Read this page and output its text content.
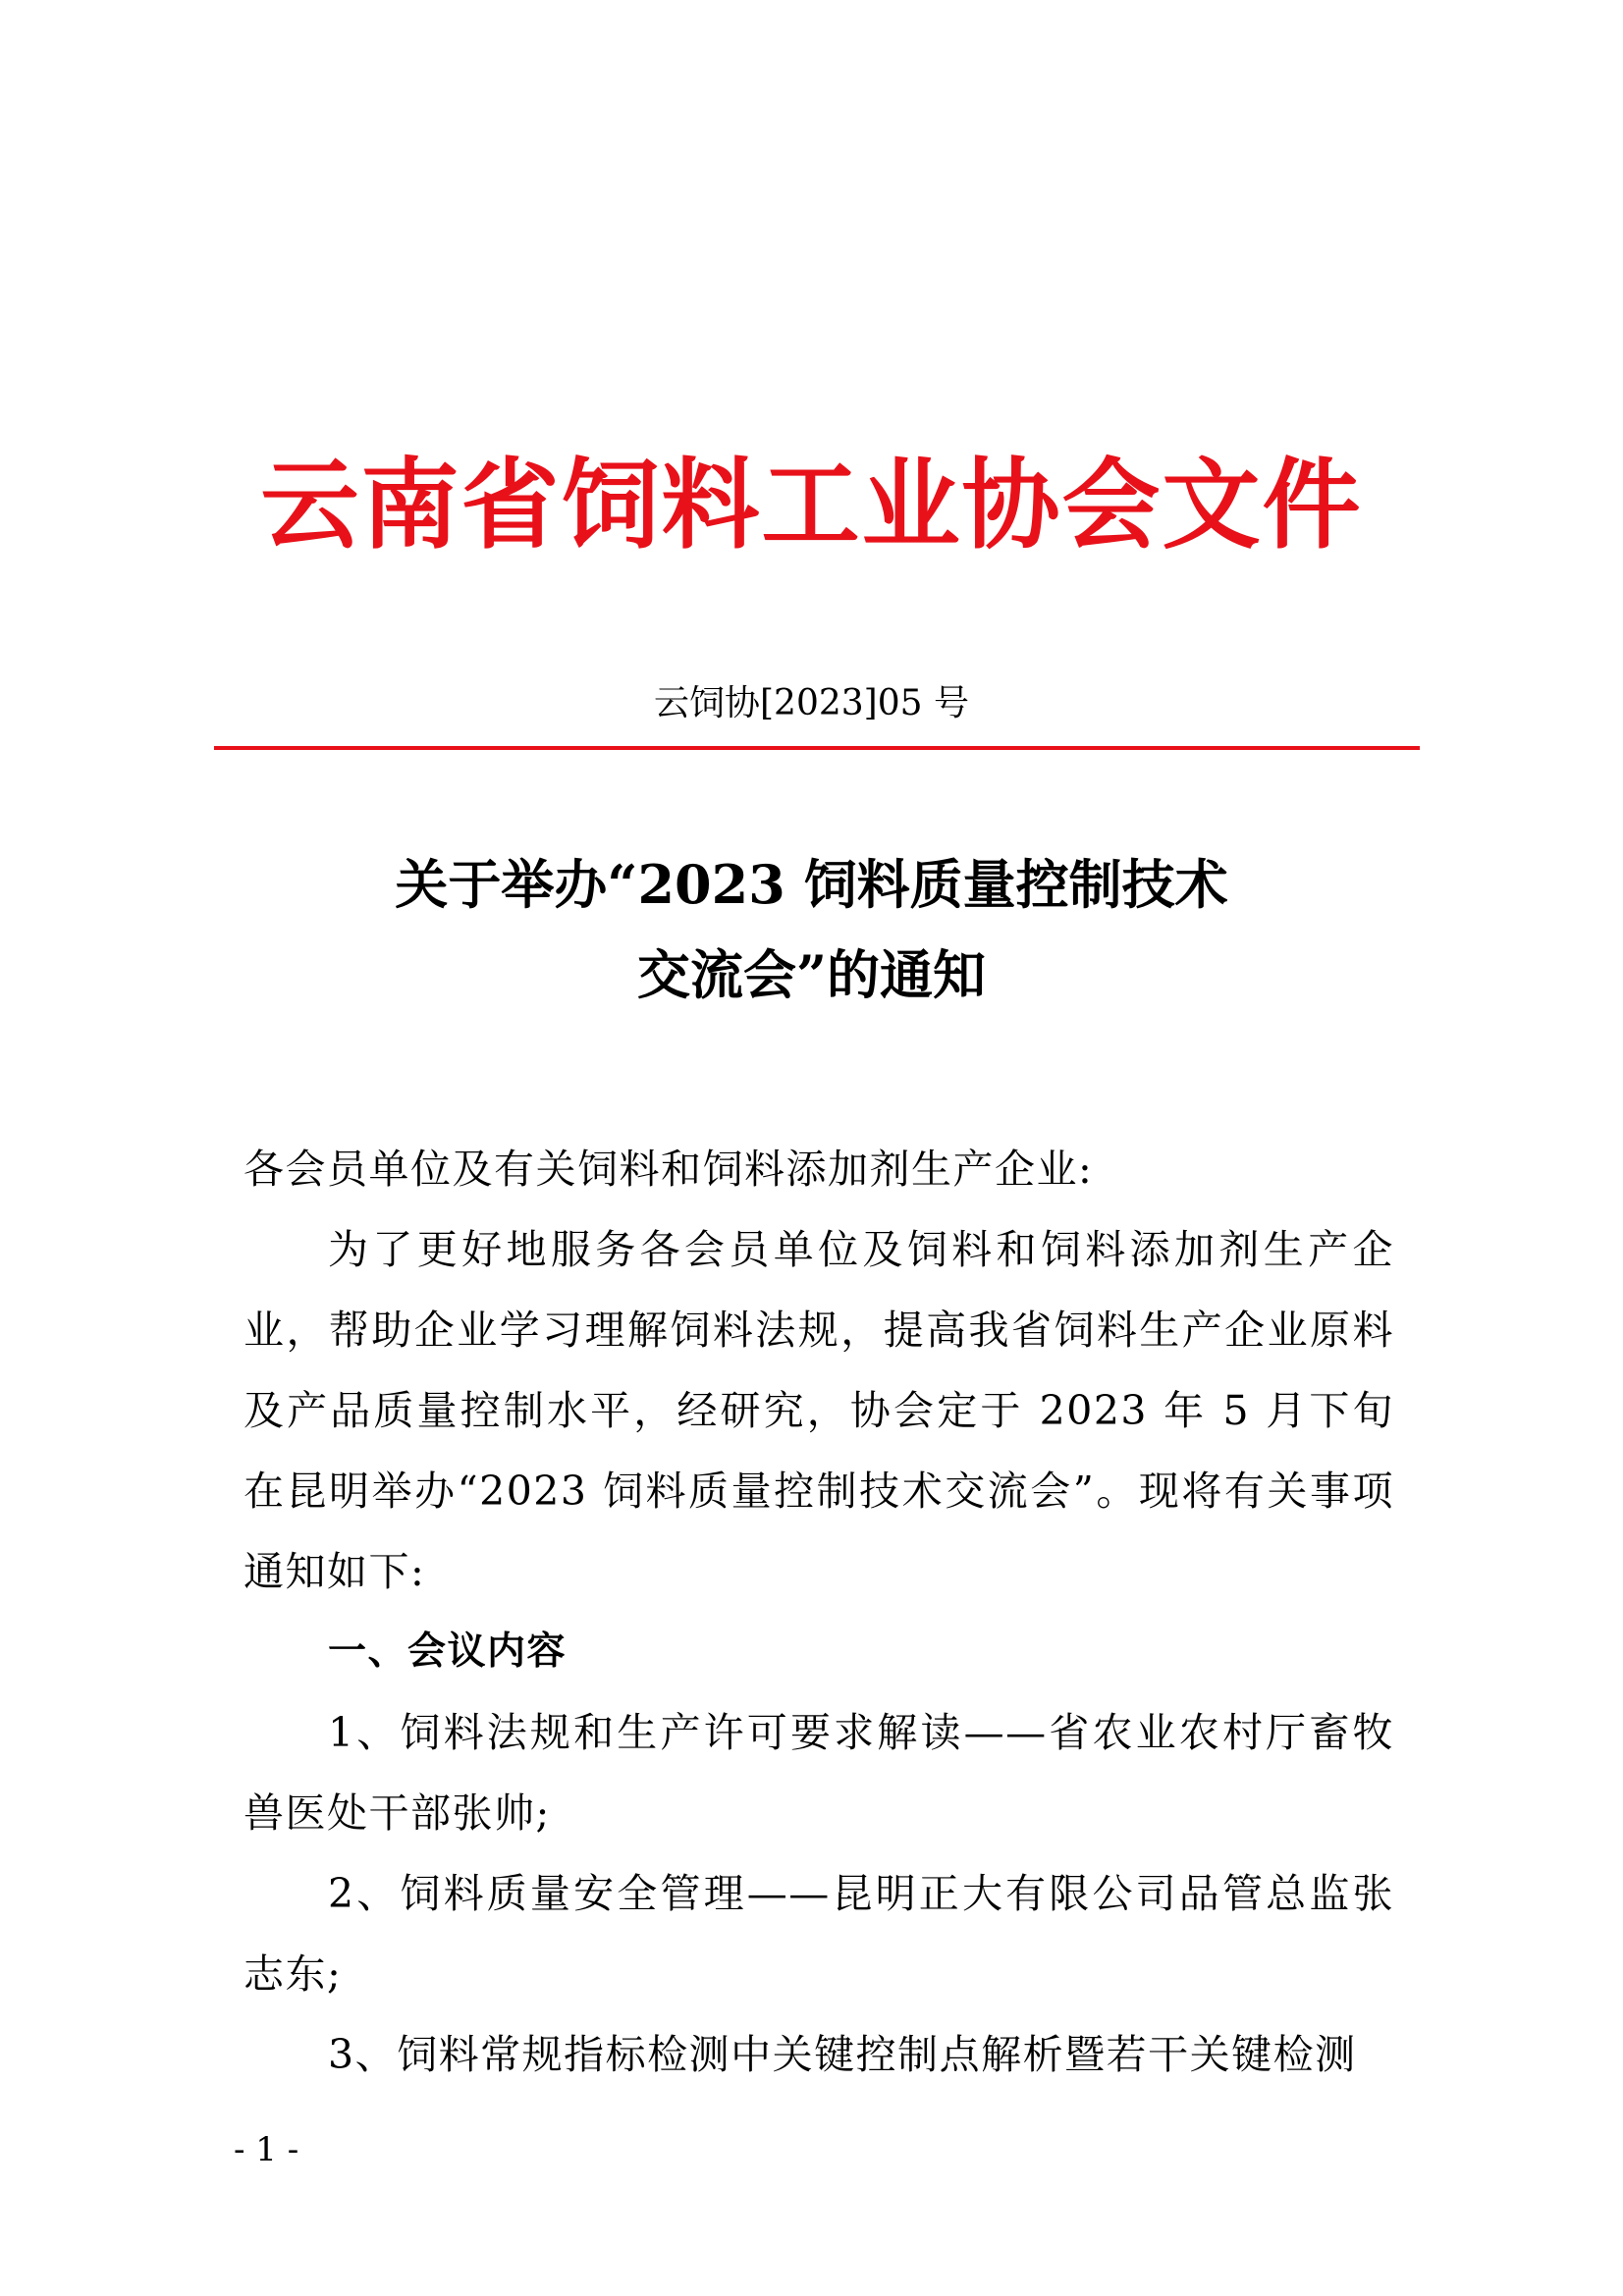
云南省饲料工业协会文件
云饲协[2023]05 号
关于举办“2023 饲料质量控制技术
交流会”的通知

各会员单位及有关饲料和饲料添加剂生产企业:

为了更好地服务各会员单位及饲料和饲料添加剂生产企业，帮助企业学习理解饲料法规，提高我省饲料生产企业原料及产品质量控制水平，经研究，协会定于 2023 年 5 月下旬在昆明举办“2023 饲料质量控制技术交流会”。现将有关事项通知如下:

一、会议内容

1、饲料法规和生产许可要求解读——省农业农村厅畜牧兽医处干部张帅;

2、饲料质量安全管理——昆明正大有限公司品管总监张志东;

3、饲料常规指标检测中关键控制点解析暨若干关键检测

- 1 -
